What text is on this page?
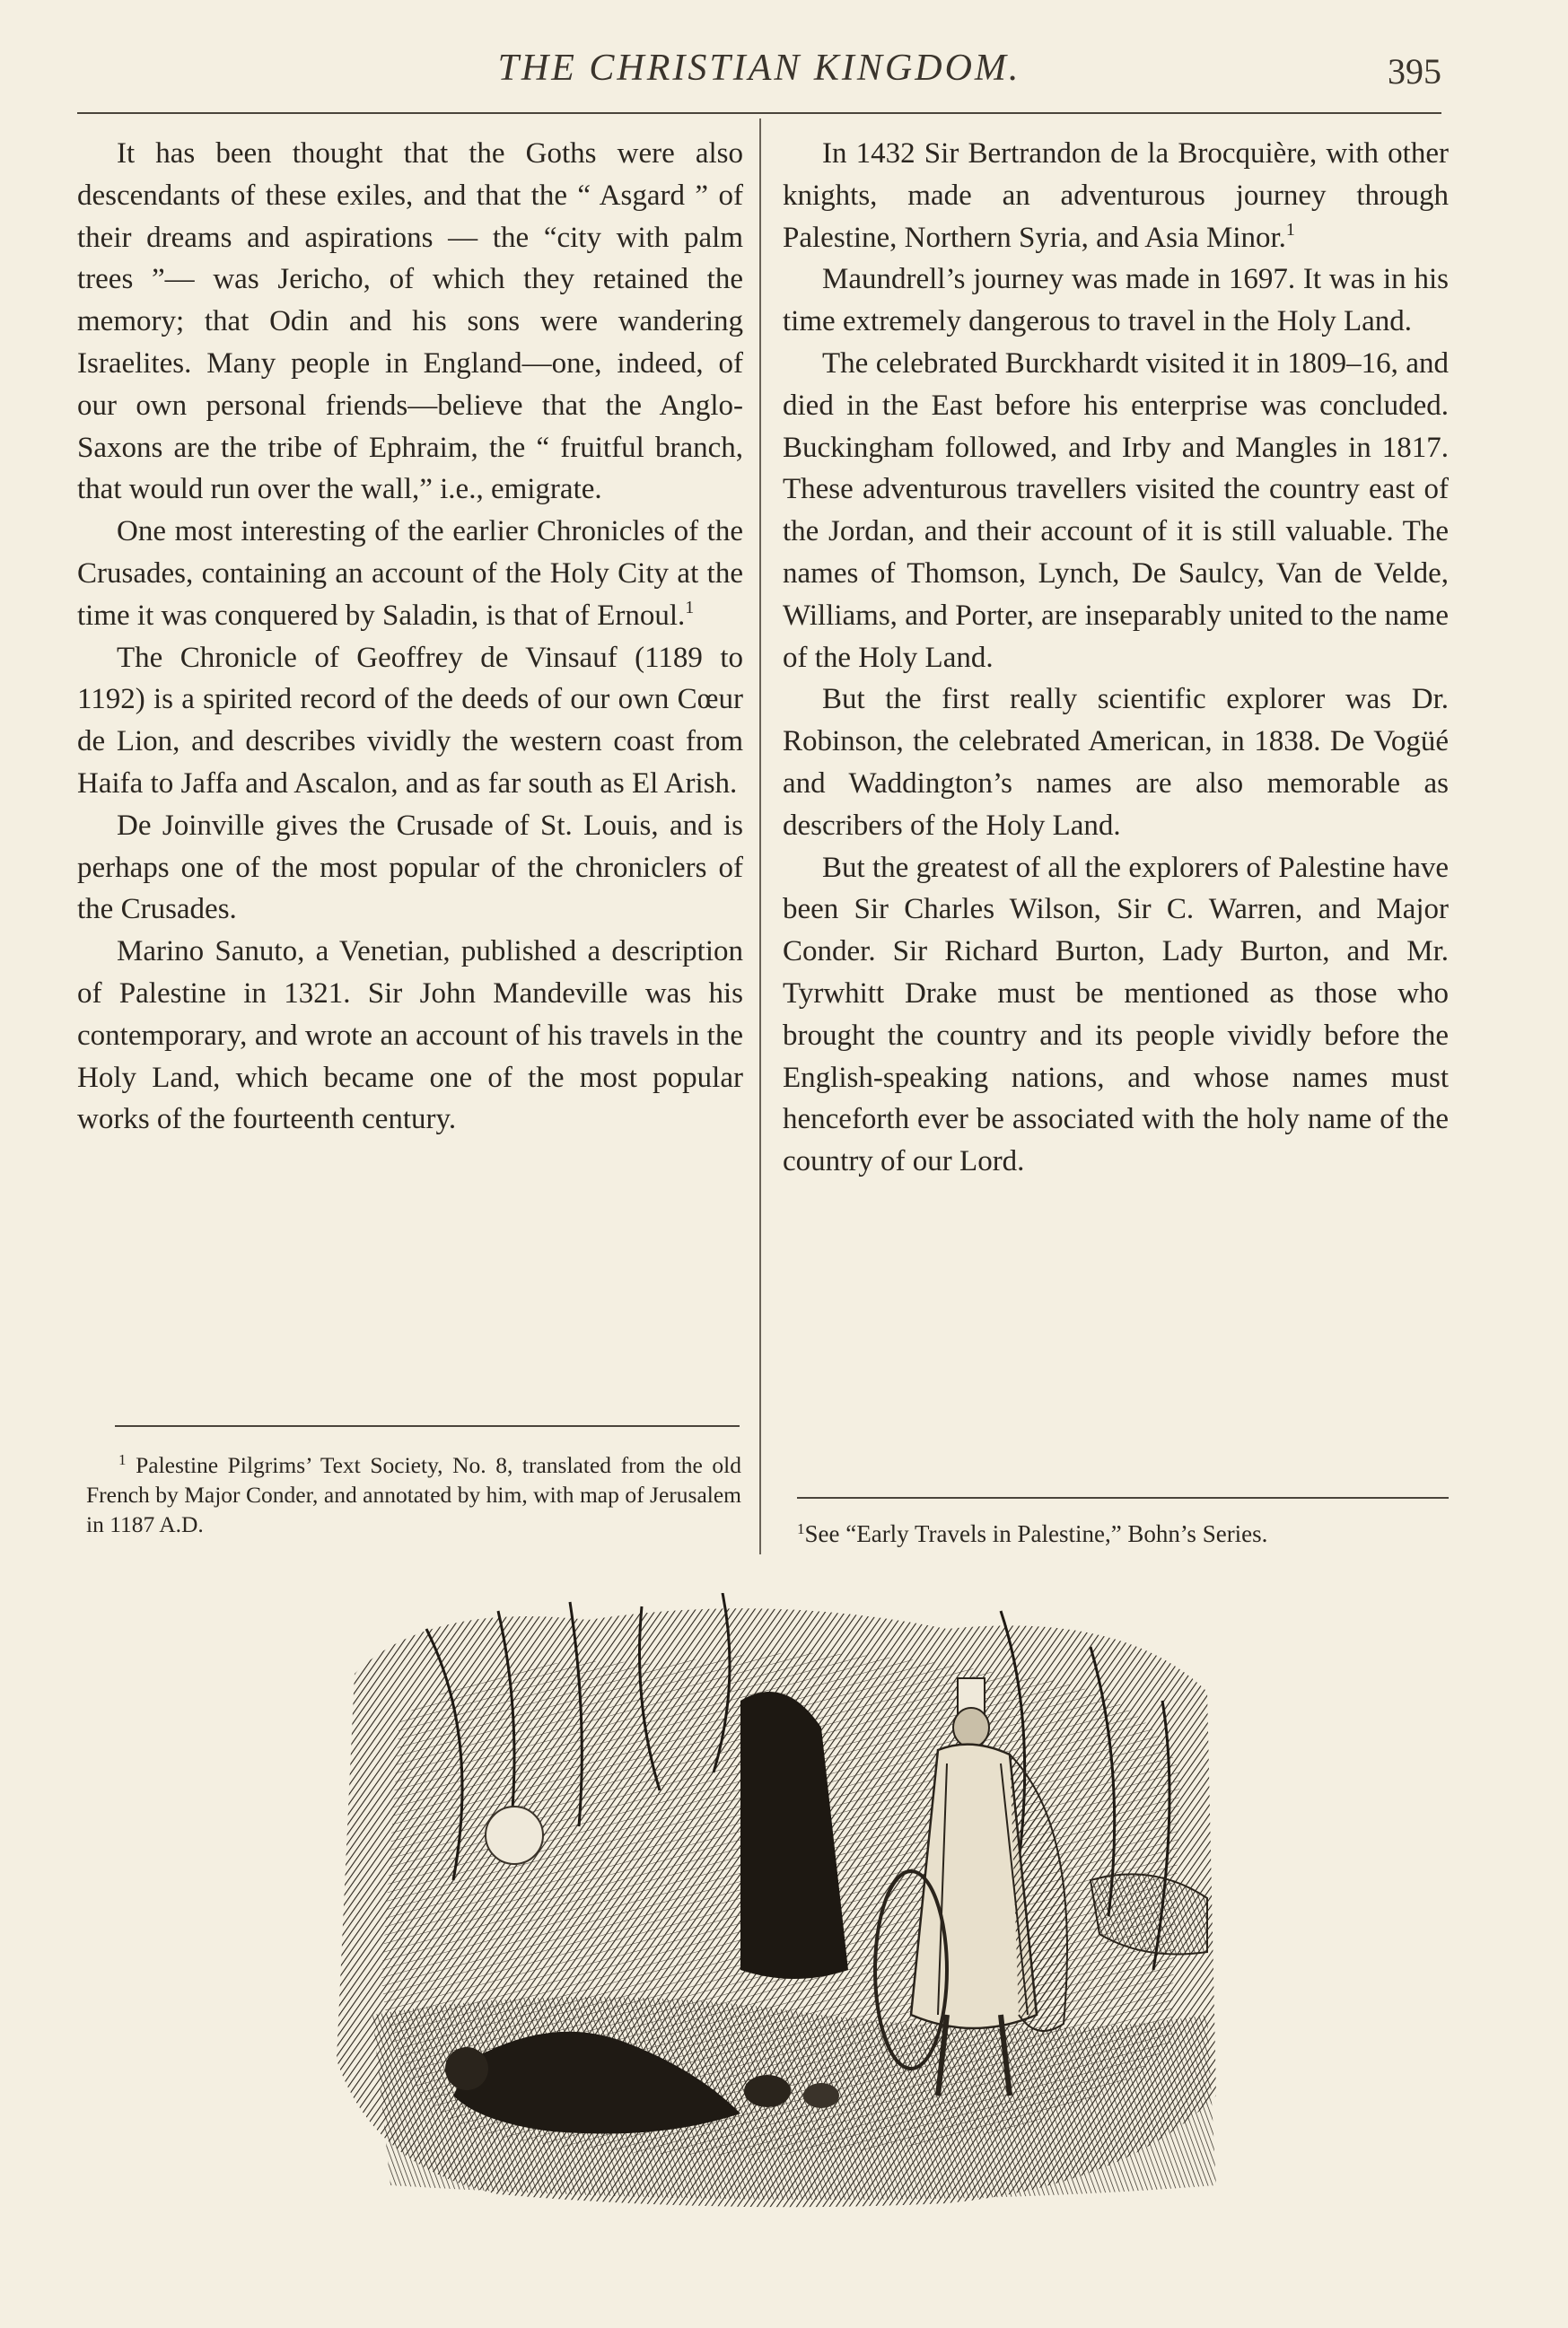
THE CHRISTIAN KINGDOM.	395

It has been thought that the Goths were also descendants of these exiles, and that the “ Asgard ” of their dreams and aspirations — the “city with palm trees ”— was Jericho, of which they retained the memory; that Odin and his sons were wandering Israelites. Many people in England—one, indeed, of our own personal friends—believe that the Anglo-Saxons are the tribe of Ephraim, the “ fruitful branch, that would run over the wall,” i.e., emigrate.

One most interesting of the earlier Chronicles of the Crusades, containing an account of the Holy City at the time it was conquered by Saladin, is that of Ernoul.$^1$

The Chronicle of Geoffrey de Vinsauf (1189 to 1192) is a spirited record of the deeds of our own Cœur de Lion, and describes vividly the western coast from Haifa to Jaffa and Ascalon, and as far south as El Arish.

De Joinville gives the Crusade of St. Louis, and is perhaps one of the most popular of the chroniclers of the Crusades.

Marino Sanuto, a Venetian, published a description of Palestine in 1321. Sir John Mandeville was his contemporary, and wrote an account of his travels in the Holy Land, which became one of the most popular works of the fourteenth century.

$^1$ Palestine Pilgrims’ Text Society, No. 8, translated from the old French by Major Conder, and annotated by him, with map of Jerusalem in 1187 A.D.

In 1432 Sir Bertrandon de la Brocquière, with other knights, made an adventurous journey through Palestine, Northern Syria, and Asia Minor.$^1$

Maundrell’s journey was made in 1697. It was in his time extremely dangerous to travel in the Holy Land.

The celebrated Burckhardt visited it in 1809–16, and died in the East before his enterprise was concluded. Buckingham followed, and Irby and Mangles in 1817. These adventurous travellers visited the country east of the Jordan, and their account of it is still valuable. The names of Thomson, Lynch, De Saulcy, Van de Velde, Williams, and Porter, are inseparably united to the name of the Holy Land.

But the first really scientific explorer was Dr. Robinson, the celebrated American, in 1838. De Vogüé and Waddington’s names are also memorable as describers of the Holy Land.

But the greatest of all the explorers of Palestine have been Sir Charles Wilson, Sir C. Warren, and Major Conder. Sir Richard Burton, Lady Burton, and Mr. Tyrwhitt Drake must be mentioned as those who brought the country and its people vividly before the English-speaking nations, and whose names must henceforth ever be associated with the holy name of the country of our Lord.

$^1$See “Early Travels in Palestine,” Bohn’s Series.
